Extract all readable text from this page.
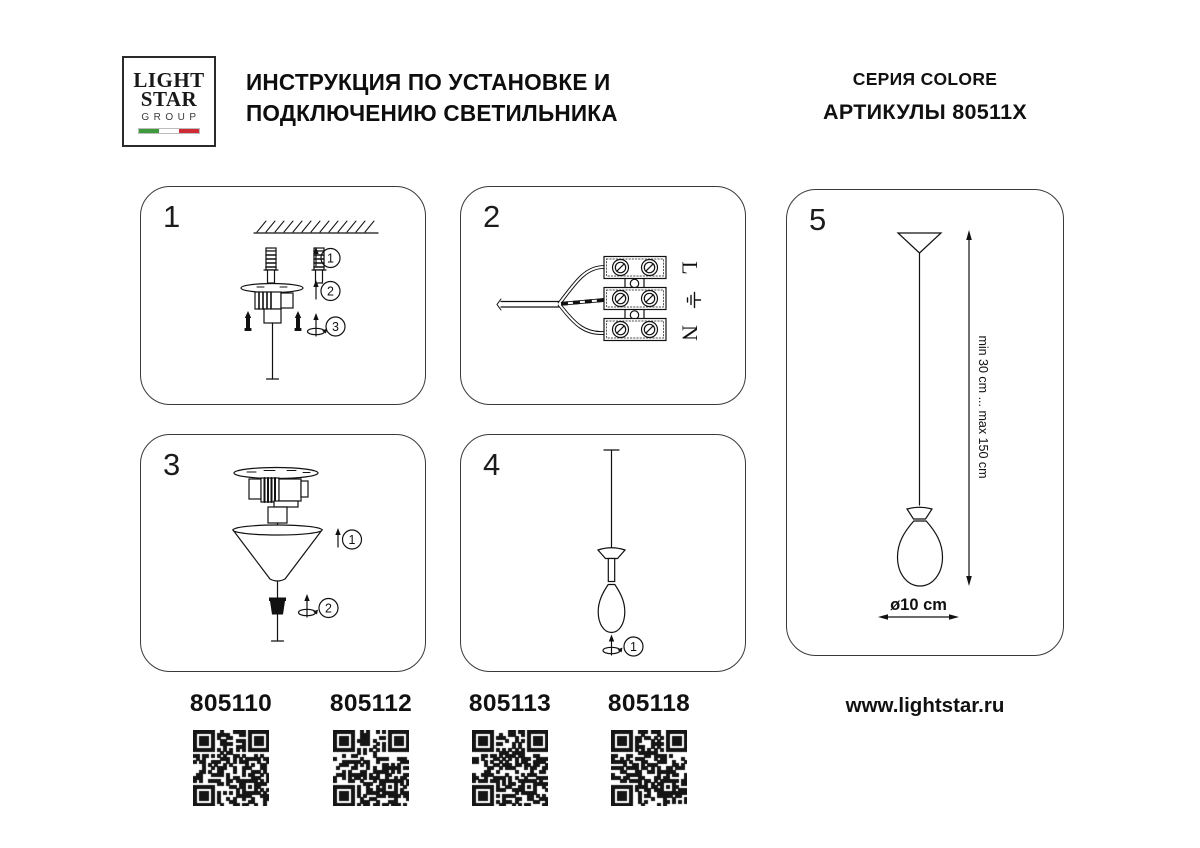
LIGHT
STAR
GROUP
ИНСТРУКЦИЯ ПО УСТАНОВКЕ И
ПОДКЛЮЧЕНИЮ СВЕТИЛЬНИКА
СЕРИЯ COLORE
АРТИКУЛЫ 80511X
1
1
2
3
2
L
N
3
1
2
4
1
5
min 30 cm ... max 150 cm
ø10 cm
805110	805112	805113	805118	www.lightstar.ru
